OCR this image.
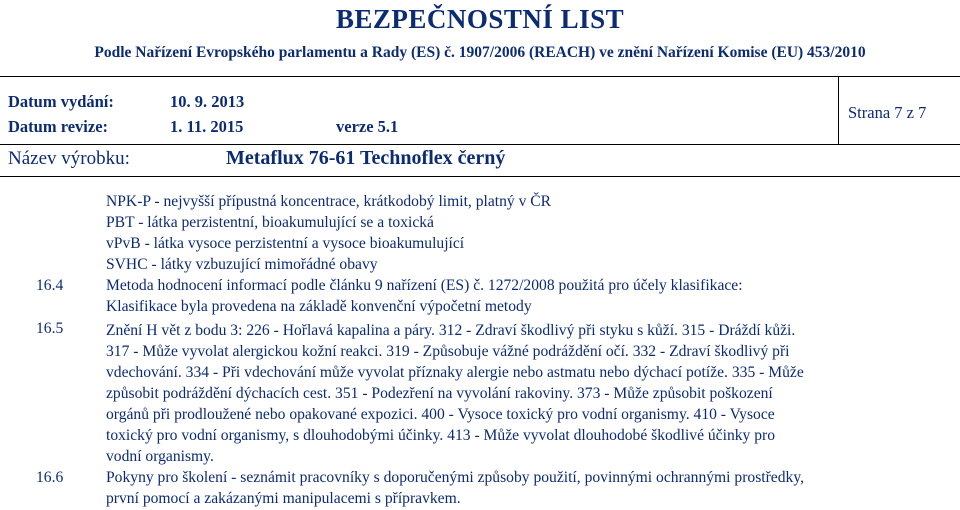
BEZPEČNOSTNÍ LIST
Podle Nařízení Evropského parlamentu a Rady (ES) č. 1907/2006 (REACH) ve znění Nařízení Komise (EU) 453/2010
Datum vydání:	10. 9. 2013
Datum revize:	1. 11. 2015	verze 5.1
Strana 7 z 7
Název výrobku:	Metaflux 76-61 Technoflex černý
NPK-P - nejvyšší přípustná koncentrace, krátkodobý limit, platný v ČR
PBT - látka perzistentní, bioakumulující se a toxická
vPvB - látka vysoce perzistentní a vysoce bioakumulující
SVHC - látky vzbuzující mimořádné obavy
16.4	Metoda hodnocení informací podle článku 9 nařízení (ES) č. 1272/2008 použitá pro účely klasifikace:
Klasifikace byla provedena na základě konvenční výpočetní metody
16.5	Znění H vět z bodu 3: 226 - Hořlavá kapalina a páry. 312 - Zdraví škodlivý při styku s kůží. 315 - Dráždí kůži.
317 - Může vyvolat alergickou kožní reakci. 319 - Způsobuje vážné podráždění očí. 332 - Zdraví škodlivý při
vdechování. 334 - Při vdechování může vyvolat příznaky alergie nebo astmatu nebo dýchací potíže. 335 - Může
způsobit podráždění dýchacích cest. 351 - Podezření na vyvolání rakoviny. 373 - Může způsobit poškození
orgánů při prodloužené nebo opakované expozici. 400 - Vysoce toxický pro vodní organismy. 410 - Vysoce
toxický pro vodní organismy, s dlouhodobými účinky. 413 - Může vyvolat dlouhodobé škodlivé účinky pro
vodní organismy.
16.6	Pokyny pro školení - seznámit pracovníky s doporučenými způsoby použití, povinnými ochrannými prostředky,
první pomocí a zakázanými manipulacemi s přípravkem.
